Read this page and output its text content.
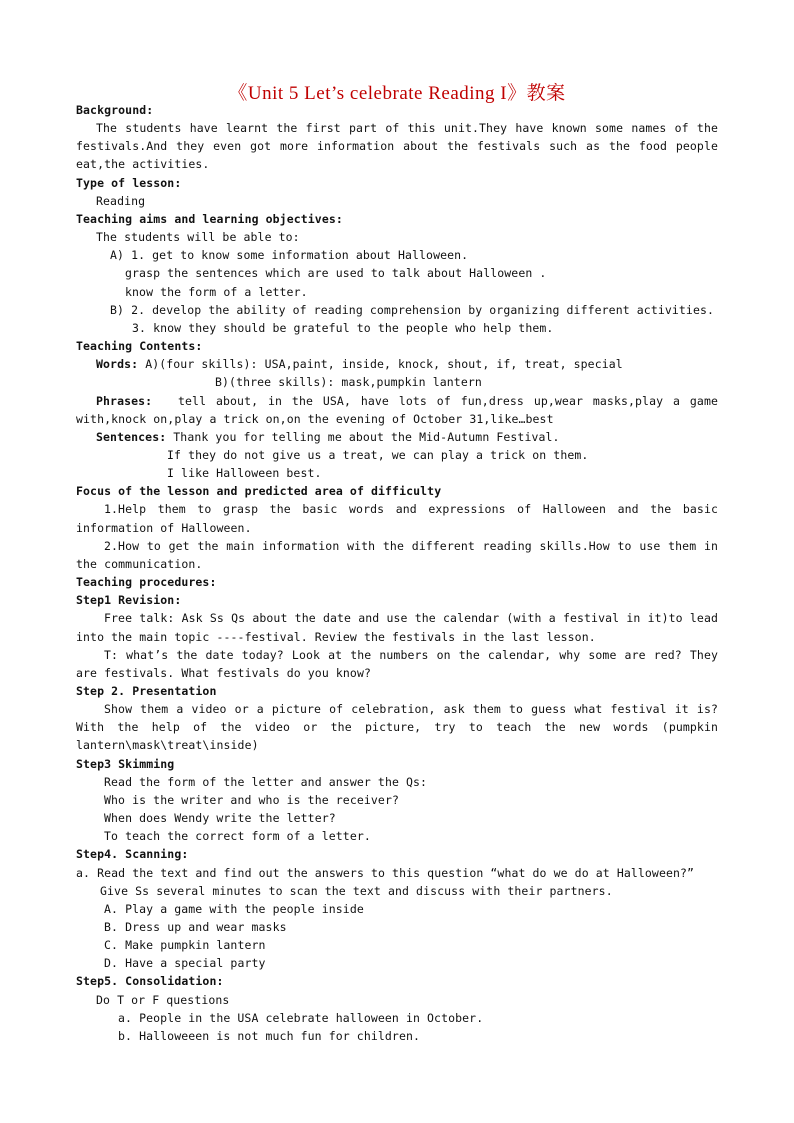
《Unit 5 Let’s celebrate Reading I》教案
Background:
The students have learnt the first part of this unit.They have known some names of the
festivals.And they even got more information about the festivals such as the food people
eat,the activities.
Type of lesson:
Reading
Teaching aims and learning objectives:
The students will be able to:
A) 1. get to know some information about Halloween.
grasp the sentences which are used to talk about Halloween .
know the form of a letter.
B) 2. develop the ability of reading comprehension by organizing different activities.
3. know they should be grateful to the people who help them.
Teaching Contents:
Words: A)(four skills): USA,paint, inside, knock, shout, if, treat, special
B)(three skills): mask,pumpkin lantern
Phrases: tell about, in the USA, have lots of fun,dress up,wear masks,play a game
with,knock on,play a trick on,on the evening of October 31,like…best
Sentences: Thank you for telling me about the Mid-Autumn Festival.
If they do not give us a treat, we can play a trick on them.
I like Halloween best.
Focus of the lesson and predicted area of difficulty
1.Help them to grasp the basic words and expressions of Halloween and the basic
information of Halloween.
2.How to get the main information with the different reading skills.How to use them in
the communication.
Teaching procedures:
Step1 Revision:
Free talk: Ask Ss Qs about the date and use the calendar (with a festival in it)to lead
into the main topic ----festival. Review the festivals in the last lesson.
T: what’s the date today? Look at the numbers on the calendar, why some are red? They
are festivals. What festivals do you know?
Step 2. Presentation
Show them a video or a picture of celebration, ask them to guess what festival it is?
With the help of the video or the picture, try to teach the new words (pumpkin
lantern\mask\treat\inside)
Step3 Skimming
Read the form of the letter and answer the Qs:
Who is the writer and who is the receiver?
When does Wendy write the letter?
To teach the correct form of a letter.
Step4. Scanning:
a. Read the text and find out the answers to this question “what do we do at Halloween?”
Give Ss several minutes to scan the text and discuss with their partners.
A. Play a game with the people inside
B. Dress up and wear masks
C. Make pumpkin lantern
D. Have a special party
Step5. Consolidation:
Do T or F questions
a. People in the USA celebrate halloween in October.
b. Halloweeen is not much fun for children.
